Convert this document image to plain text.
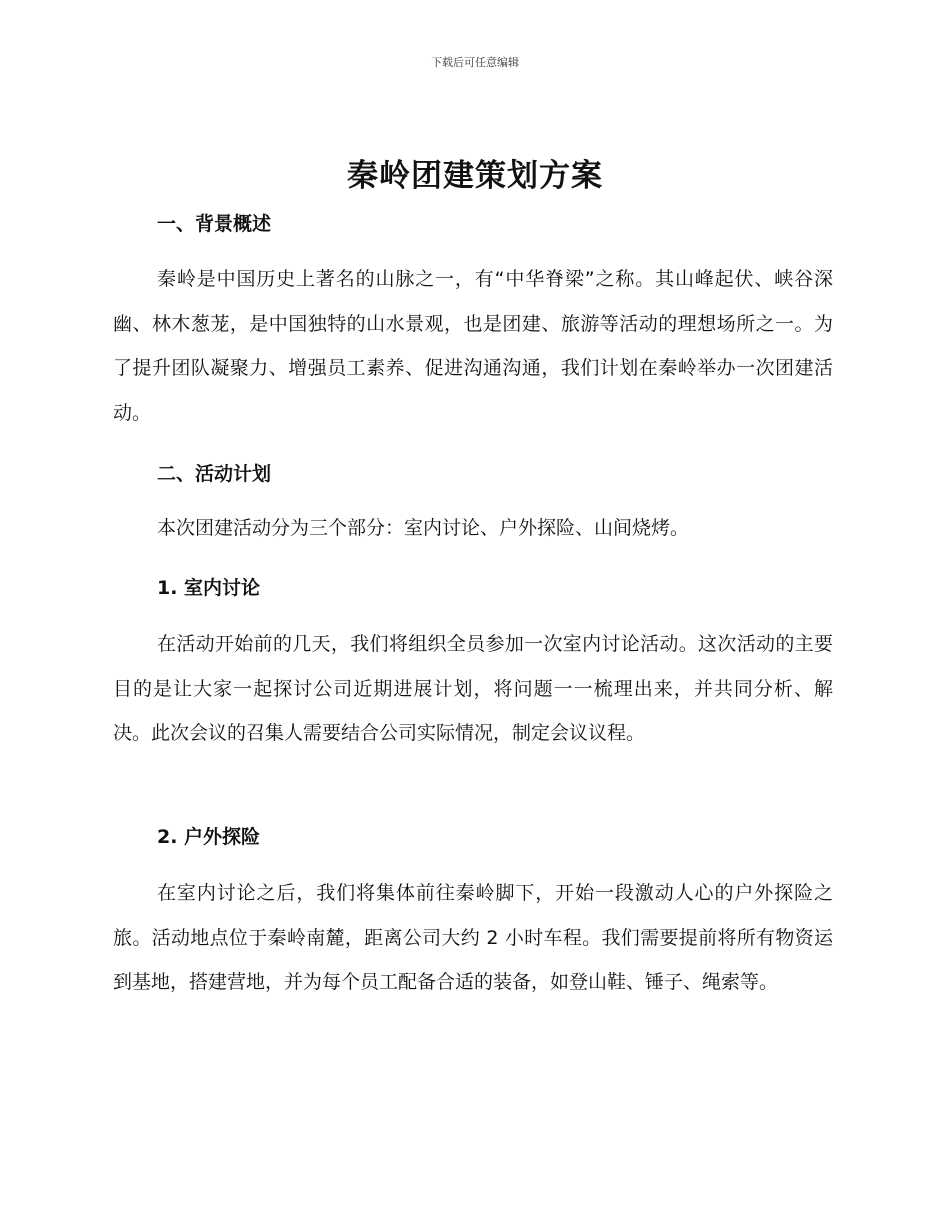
下载后可任意编辑
秦岭团建策划方案
一、背景概述

秦岭是中国历史上著名的山脉之一，有“中华脊梁”之称。其山峰起伏、峡谷深幽、林木葱茏，是中国独特的山水景观，也是团建、旅游等活动的理想场所之一。为了提升团队凝聚力、增强员工素养、促进沟通沟通，我们计划在秦岭举办一次团建活动。

二、活动计划

本次团建活动分为三个部分：室内讨论、户外探险、山间烧烤。

1. 室内讨论

在活动开始前的几天，我们将组织全员参加一次室内讨论活动。这次活动的主要目的是让大家一起探讨公司近期进展计划，将问题一一梳理出来，并共同分析、解决。此次会议的召集人需要结合公司实际情况，制定会议议程。

2. 户外探险

在室内讨论之后，我们将集体前往秦岭脚下，开始一段激动人心的户外探险之旅。活动地点位于秦岭南麓，距离公司大约 2 小时车程。我们需要提前将所有物资运到基地，搭建营地，并为每个员工配备合适的装备，如登山鞋、锤子、绳索等。
